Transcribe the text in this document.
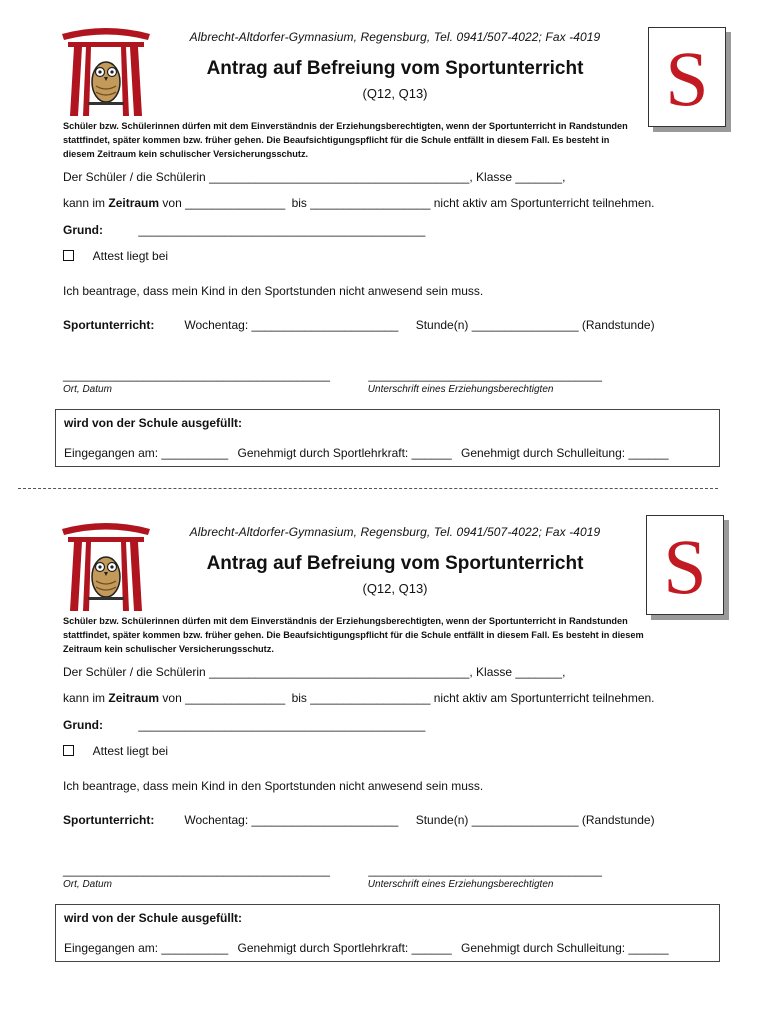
Albrecht-Altdorfer-Gymnasium, Regensburg, Tel. 0941/507-4022; Fax -4019
Antrag auf Befreiung vom Sportunterricht
(Q12, Q13)	S
Schüler bzw. Schülerinnen dürfen mit dem Einverständnis der Erziehungsberechtigten, wenn der Sportunterricht in Randstunden stattfindet, später kommen bzw. früher gehen. Die Beaufsichtigungspflicht für die Schule entfällt in diesem Fall. Es besteht in diesem Zeitraum kein schulischer Versicherungsschutz.
Der Schüler / die Schülerin _______________________________________, Klasse _______,
kann im Zeitraum von _______________ bis __________________ nicht aktiv am Sportunterricht teilnehmen.
Grund:	___________________________________________
Attest liegt bei
Ich beantrage, dass mein Kind in den Sportstunden nicht anwesend sein muss.
Sportunterricht:	Wochentag: ______________________ Stunde(n) ________________ (Randstunde)
________________________________________	___________________________________
Ort, Datum	Unterschrift eines Erziehungsberechtigten
wird von der Schule ausgefüllt:
Eingegangen am: __________ Genehmigt durch Sportlehrkraft: ______ Genehmigt durch Schulleitung: ______
Albrecht-Altdorfer-Gymnasium, Regensburg, Tel. 0941/507-4022; Fax -4019
Antrag auf Befreiung vom Sportunterricht
(Q12, Q13)	S
Schüler bzw. Schülerinnen dürfen mit dem Einverständnis der Erziehungsberechtigten, wenn der Sportunterricht in Randstunden stattfindet, später kommen bzw. früher gehen. Die Beaufsichtigungspflicht für die Schule entfällt in diesem Fall. Es besteht in diesem Zeitraum kein schulischer Versicherungsschutz.
Der Schüler / die Schülerin _______________________________________, Klasse _______,
kann im Zeitraum von _______________ bis __________________ nicht aktiv am Sportunterricht teilnehmen.
Grund:	___________________________________________
Attest liegt bei
Ich beantrage, dass mein Kind in den Sportstunden nicht anwesend sein muss.
Sportunterricht:	Wochentag: ______________________ Stunde(n) ________________ (Randstunde)
________________________________________	___________________________________
Ort, Datum	Unterschrift eines Erziehungsberechtigten
wird von der Schule ausgefüllt:
Eingegangen am: __________ Genehmigt durch Sportlehrkraft: ______ Genehmigt durch Schulleitung: ______
